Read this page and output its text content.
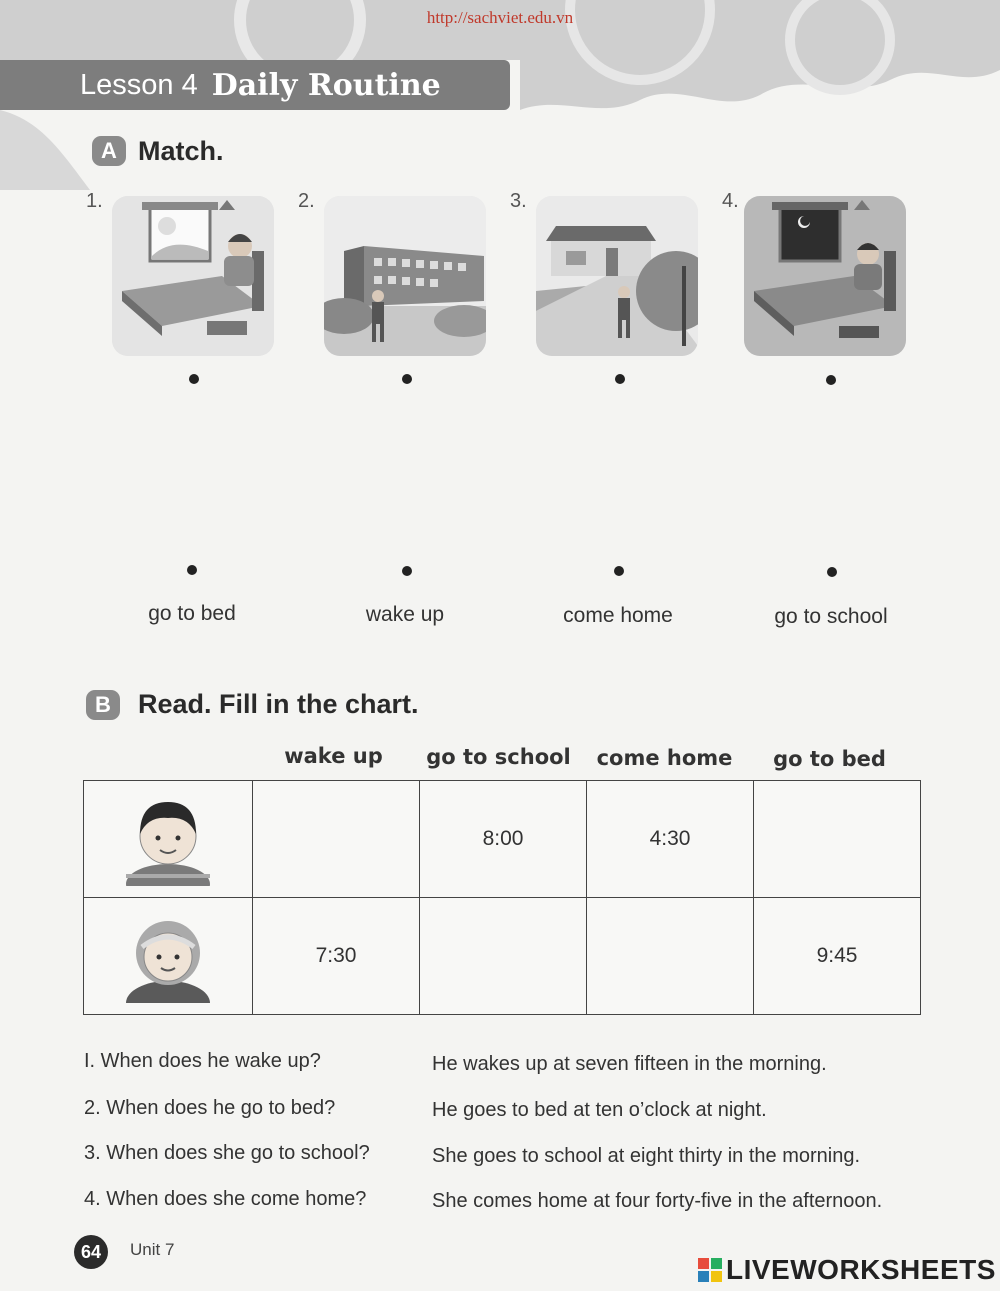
http://sachviet.edu.vn
Lesson 4 Daily Routine
A Match.
1.	2.	3.	4.
go to bed	wake up	come home	go to school
B	Read. Fill in the chart.
wake up	go to school	come home	go to bed
		8:00	4:30	
	7:30			9:45
I. When does he wake up?	He wakes up at seven fifteen in the morning.
2. When does he go to bed?	He goes to bed at ten o’clock at night.
3. When does she go to school?	She goes to school at eight thirty in the morning.
4. When does she come home?	She comes home at four forty-five in the afternoon.
64	Unit 7
LIVEWORKSHEETS
